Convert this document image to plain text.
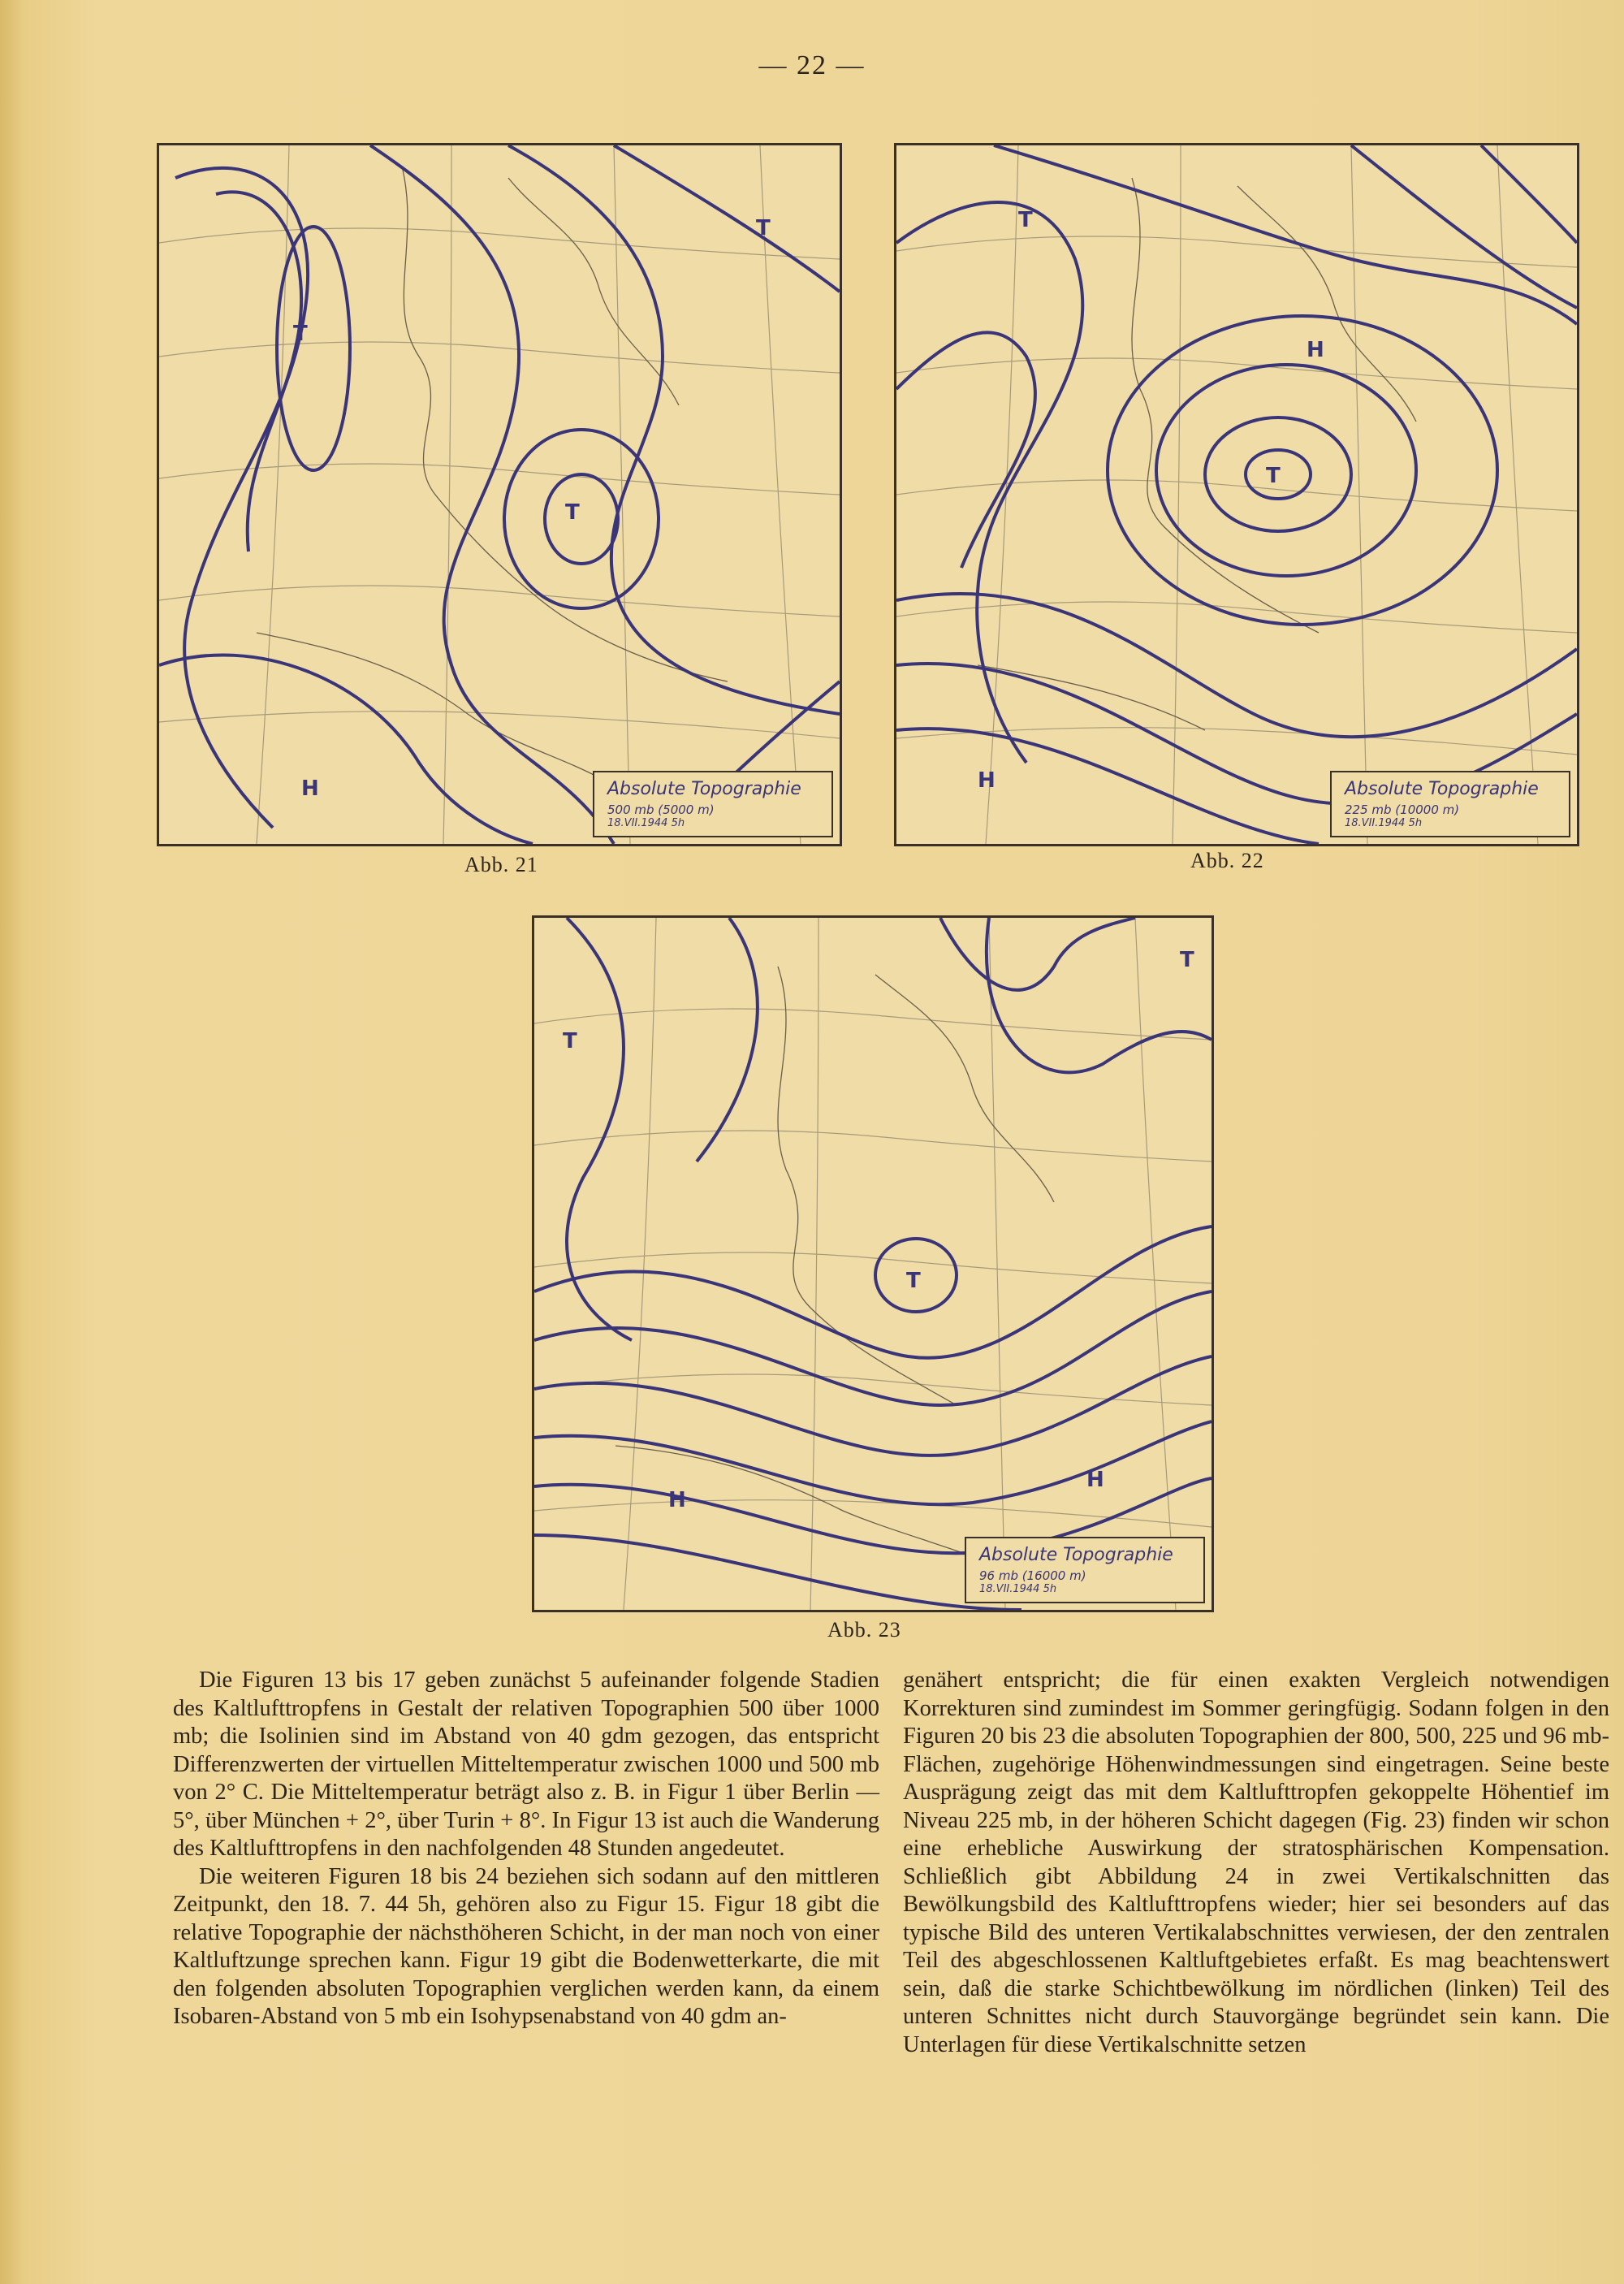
— 22 —
T
T
T
H	Absolute Topographie
500 mb (5000 m)
18.VII.1944 5h
Abb. 21
T
T
H
H	Absolute Topographie
225 mb (10000 m)
18.VII.1944 5h
Abb. 22
T
T
T
H
H
Absolute Topographie
96 mb (16000 m)
18.VII.1944 5h
Abb. 23

Die Figuren 13 bis 17 geben zunächst 5 aufeinander folgende Stadien des Kaltlufttropfens in Gestalt der relativen Topographien 500 über 1000 mb; die Isolinien sind im Abstand von 40 gdm gezogen, das entspricht Differenzwerten der virtuellen Mitteltemperatur zwischen 1000 und 500 mb von 2° C. Die Mitteltemperatur beträgt also z. B. in Figur 1 über Berlin — 5°, über München + 2°, über Turin + 8°. In Figur 13 ist auch die Wanderung des Kaltlufttropfens in den nachfolgenden 48 Stunden angedeutet.

Die weiteren Figuren 18 bis 24 beziehen sich sodann auf den mittleren Zeitpunkt, den 18. 7. 44 5h, gehören also zu Figur 15. Figur 18 gibt die relative Topographie der nächsthöheren Schicht, in der man noch von einer Kaltluftzunge sprechen kann. Figur 19 gibt die Bodenwetterkarte, die mit den folgenden absoluten Topographien verglichen werden kann, da einem Isobaren-Abstand von 5 mb ein Isohypsenabstand von 40 gdm an-

genähert entspricht; die für einen exakten Vergleich notwendigen Korrekturen sind zumindest im Sommer geringfügig. Sodann folgen in den Figuren 20 bis 23 die absoluten Topographien der 800, 500, 225 und 96 mb-Flächen, zugehörige Höhenwindmessungen sind eingetragen. Seine beste Ausprägung zeigt das mit dem Kaltlufttropfen gekoppelte Höhentief im Niveau 225 mb, in der höheren Schicht dagegen (Fig. 23) finden wir schon eine erhebliche Auswirkung der stratosphärischen Kompensation. Schließlich gibt Abbildung 24 in zwei Vertikalschnitten das Bewölkungsbild des Kaltlufttropfens wieder; hier sei besonders auf das typische Bild des unteren Vertikalabschnittes verwiesen, der den zentralen Teil des abgeschlossenen Kaltluftgebietes erfaßt. Es mag beachtenswert sein, daß die starke Schichtbewölkung im nördlichen (linken) Teil des unteren Schnittes nicht durch Stauvorgänge begründet sein kann. Die Unterlagen für diese Vertikalschnitte setzen
